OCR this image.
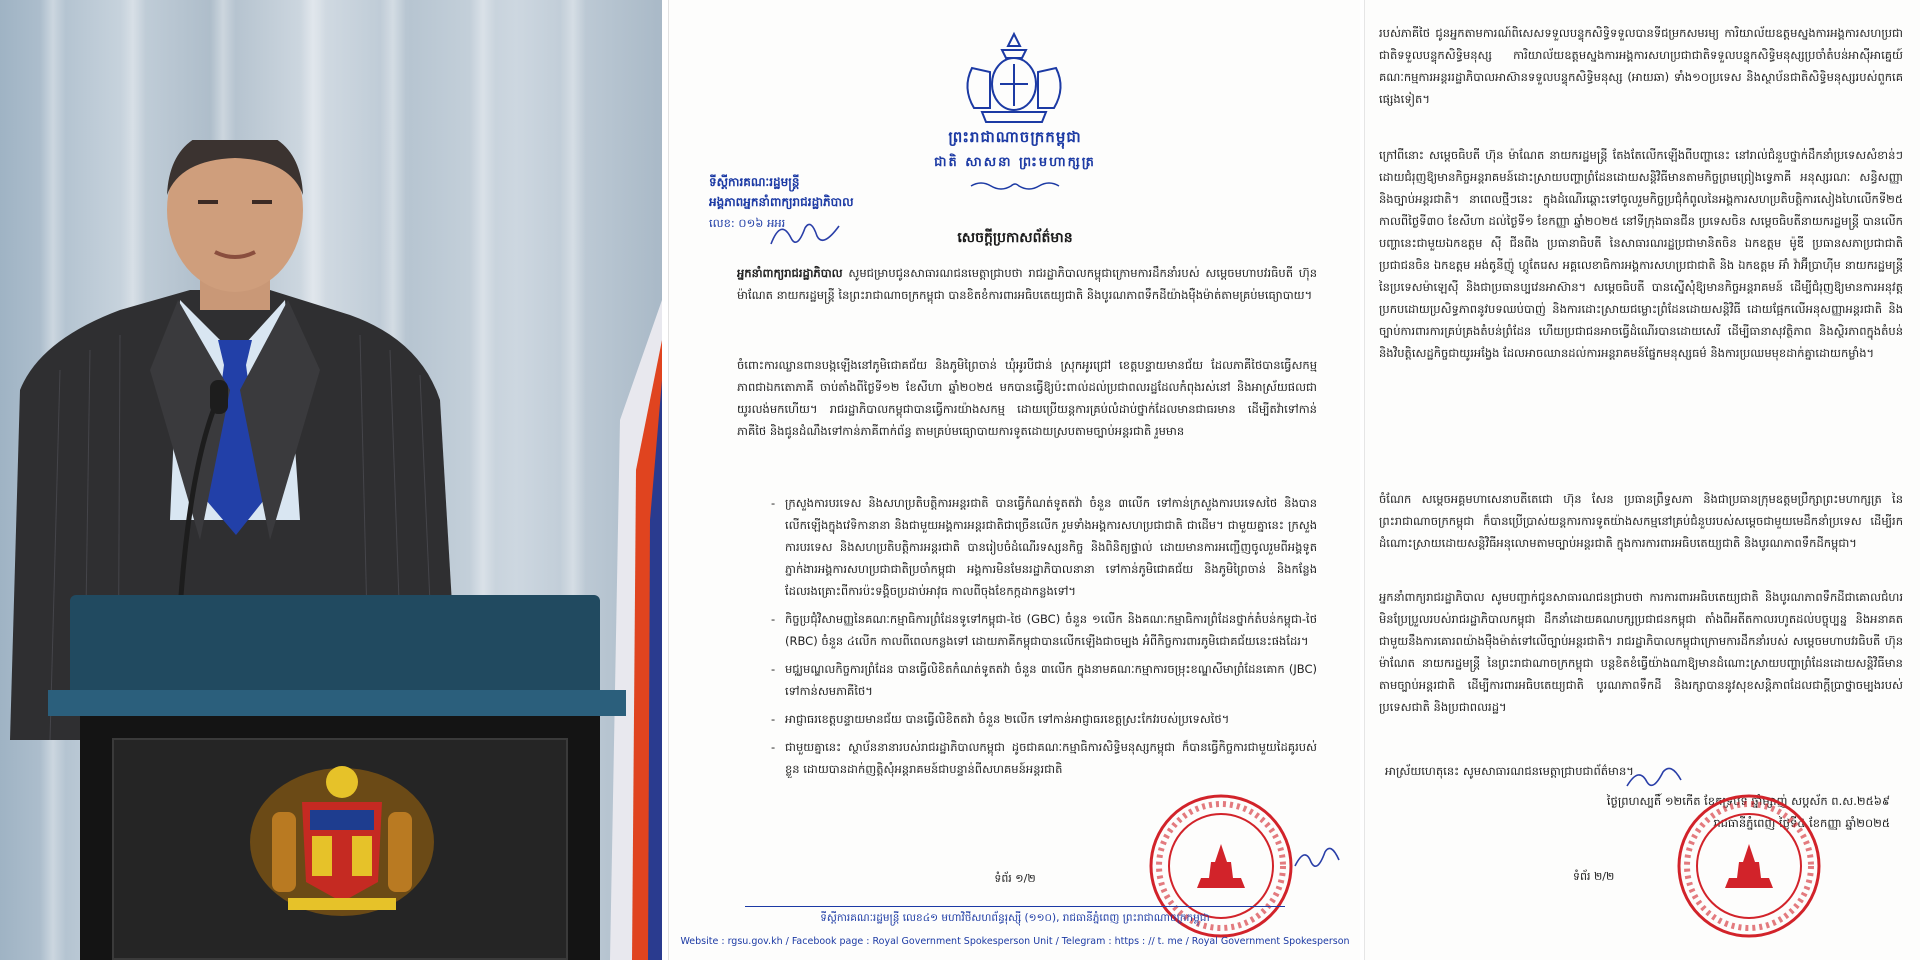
ព្រះរាជាណាចក្រកម្ពុជា
ជាតិ សាសនា ព្រះមហាក្សត្រ
ទីស្តីការគណៈរដ្ឋមន្ត្រី
អង្គភាពអ្នកនាំពាក្យរាជរដ្ឋាភិបាល
លេខ: ០១៦ អអរ
សេចក្តីប្រកាសព័ត៌មាន

អ្នកនាំពាក្យរាជរដ្ឋាភិបាល សូមជម្រាបជូនសាធារណជនមេត្តាជ្រាបថា រាជរដ្ឋាភិបាលកម្ពុជាក្រោមការដឹកនាំរបស់ សម្តេចមហាបវរធិបតី ហ៊ុន ម៉ាណែត នាយករដ្ឋមន្ត្រី នៃព្រះរាជាណាចក្រកម្ពុជា បានខិតខំការពារអធិបតេយ្យជាតិ និងបូរណភាពទឹកដីយ៉ាងម៉ឺងម៉ាត់តាមគ្រប់មធ្យោបាយ។

ចំពោះការឈ្លានពានបង្កឡើងនៅភូមិជោគជ័យ និងភូមិព្រៃចាន់ ឃុំអូរបីជាន់ ស្រុកអូរជ្រៅ ខេត្តបន្ទាយមានជ័យ ដែលភាគីថៃបានធ្វើសកម្មភាពជាឯកតោភាគី ចាប់តាំងពីថ្ងៃទី១២ ខែសីហា ឆ្នាំ២០២៥ មកបានធ្វើឱ្យប៉ះពាល់ដល់ប្រជាពលរដ្ឋដែលកំពុងរស់នៅ និងអាស្រ័យផលជាយូរលង់មកហើយ។ រាជរដ្ឋាភិបាលកម្ពុជាបានធ្វើការយ៉ាងសកម្ម ដោយប្រើយន្តការគ្រប់លំដាប់ថ្នាក់ដែលមានជាធរមាន ដើម្បីតវ៉ាទៅកាន់ភាគីថៃ និងជូនដំណឹងទៅកាន់ភាគីពាក់ព័ន្ធ តាមគ្រប់មធ្យោបាយការទូតដោយស្របតាមច្បាប់អន្តរជាតិ រួមមាន

- ក្រសួងការបរទេស និងសហប្រតិបត្តិការអន្តរជាតិ បានធ្វើកំណត់ទូតតវ៉ា ចំនួន ៣លើក ទៅកាន់ក្រសួងការបរទេសថៃ និងបានលើកឡើងក្នុងវេទិកានានា និងជាមួយអង្គការអន្តរជាតិជាច្រើនលើក រួមទាំងអង្គការសហប្រជាជាតិ ជាដើម។ ជាមួយគ្នានេះ ក្រសួងការបរទេស និងសហប្រតិបត្តិការអន្តរជាតិ បានរៀបចំដំណើរទស្សនកិច្ច និងពិនិត្យផ្ទាល់ ដោយមានការអញ្ជើញចូលរួមពីអង្គទូត ភ្នាក់ងារអង្គការសហប្រជាជាតិប្រចាំកម្ពុជា អង្គការមិនមែនរដ្ឋាភិបាលនានា ទៅកាន់ភូមិជោគជ័យ និងភូមិព្រៃចាន់ និងកន្លែងដែលរងគ្រោះពីការប៉ះទង្គិចប្រដាប់អាវុធ កាលពីចុងខែកក្កដាកន្លងទៅ។
- កិច្ចប្រជុំវិសាមញ្ញនៃគណៈកម្មាធិការព្រំដែនទូទៅកម្ពុជា-ថៃ (GBC) ចំនួន ១លើក និងគណៈកម្មាធិការព្រំដែនថ្នាក់តំបន់កម្ពុជា-ថៃ (RBC) ចំនួន ៤លើក កាលពីពេលកន្លងទៅ ដោយភាគីកម្ពុជាបានលើកឡើងជាចម្បង អំពីកិច្ចការពារភូមិជោគជ័យនេះផងដែរ។
- មជ្ឈមណ្ឌលកិច្ចការព្រំដែន បានធ្វើលិខិតកំណត់ទូតតវ៉ា ចំនួន ៣លើក ក្នុងនាមគណៈកម្មាការចម្រុះខណ្ឌសីមាព្រំដែនគោក (JBC) ទៅកាន់សមភាគីថៃ។
- អាជ្ញាធរខេត្តបន្ទាយមានជ័យ បានធ្វើលិខិតតវ៉ា ចំនួន ២លើក ទៅកាន់អាជ្ញាធរខេត្តស្រះកែវរបស់ប្រទេសថៃ។
- ជាមួយគ្នានេះ ស្ថាប័ននានារបស់រាជរដ្ឋាភិបាលកម្ពុជា ដូចជាគណៈកម្មាធិការសិទ្ធិមនុស្សកម្ពុជា ក៏បានធ្វើកិច្ចការជាមួយដៃគូរបស់ខ្លួន ដោយបានដាក់ញត្តិសុំអន្តរាគមន៍ជាបន្ទាន់ពីសហគមន៍អន្តរជាតិ
ទំព័រ ១/២
ទីស្តីការគណៈរដ្ឋមន្ត្រី លេខ៤១ មហាវិថីសហព័ន្ធរុស្ស៊ី (១១០), រាជធានីភ្នំពេញ ព្រះរាជាណាចក្រកម្ពុជា
Website : rgsu.gov.kh / Facebook page : Royal Government Spokesperson Unit / Telegram : https : // t. me / Royal Government Spokesperson

របស់ភាគីថៃ ជូនអ្នកតាមការណ៍ពិសេសទទួលបន្ទុកសិទ្ធិទទួលបានទីជម្រកសមរម្យ ការិយាល័យឧត្តមស្នងការអង្គការសហប្រជាជាតិទទួលបន្ទុកសិទ្ធិមនុស្ស ការិយាល័យឧត្តមស្នងការអង្គការសហប្រជាជាតិទទួលបន្ទុកសិទ្ធិមនុស្សប្រចាំតំបន់អាស៊ីអាគ្នេយ៍ គណៈកម្មការអន្តររដ្ឋាភិបាលអាស៊ានទទួលបន្ទុកសិទ្ធិមនុស្ស (អាយឆា) ទាំង១០ប្រទេស និងស្ថាប័នជាតិសិទ្ធិមនុស្សរបស់ពួកគេផ្សេងទៀត។

ក្រៅពីនោះ សម្តេចធិបតី ហ៊ុន ម៉ាណែត នាយករដ្ឋមន្ត្រី តែងតែលើកឡើងពីបញ្ហានេះ នៅរាល់ជំនួបថ្នាក់ដឹកនាំប្រទេសសំខាន់ៗ ដោយជំរុញឱ្យមានកិច្ចអន្តរាគមន៍ដោះស្រាយបញ្ហាព្រំដែនដោយសន្តិវិធីមានតាមកិច្ចព្រមព្រៀងទ្វេភាគី អនុស្សរណៈ សន្ធិសញ្ញា និងច្បាប់អន្តរជាតិ។ នាពេលថ្មីៗនេះ ក្នុងដំណើរឆ្ពោះទៅចូលរួមកិច្ចប្រជុំកំពូលនៃអង្គការសហប្រតិបត្តិការសៀងហៃលើកទី២៥ កាលពីថ្ងៃទី៣០ ខែសីហា ដល់ថ្ងៃទី១ ខែកញ្ញា ឆ្នាំ២០២៥ នៅទីក្រុងធានជីន ប្រទេសចិន សម្តេចធិបតីនាយករដ្ឋមន្ត្រី បានលើកបញ្ហានេះជាមួយឯកឧត្តម ស៊ី ជីនពីង ប្រធានាធិបតី នៃសាធារណរដ្ឋប្រជាមានិតចិន ឯកឧត្តម ម៉ូឌី ប្រធានសភាប្រជាជាតិប្រជាជនចិន ឯកឧត្តម អង់តូនីញ៉ូ ហ្គូតែរេស អគ្គលេខាធិការអង្គការសហប្រជាជាតិ និង ឯកឧត្តម អ៊ាំ វ៉ាអ៊ីប្រាហ៊ីម នាយករដ្ឋមន្ត្រី នៃប្រទេសម៉ាឡេស៊ី និងជាប្រធានប្បវេនអាស៊ាន។ សម្តេចធិបតី បានស្នើសុំឱ្យមានកិច្ចអន្តរាគមន៍ ដើម្បីជំរុញឱ្យមានការអនុវត្តប្រកបដោយប្រសិទ្ធភាពនូវបទឈប់បាញ់ និងការដោះស្រាយជម្លោះព្រំដែនដោយសន្តិវិធី ដោយផ្អែកលើអនុសញ្ញាអន្តរជាតិ និងច្បាប់ការពារការគ្រប់គ្រងតំបន់ព្រំដែន ហើយប្រជាជនអាចធ្វើដំណើរបានដោយសេរី ដើម្បីធានាសុវត្ថិភាព និងស្ថិរភាពក្នុងតំបន់ និងវិបត្តិសេដ្ឋកិច្ចជាយូរអង្វែង ដែលអាចឈានដល់ការអន្តរាគមន៍ផ្នែកមនុស្សធម៌ និងការប្រឈមមុខដាក់គ្នាដោយកម្លាំង។

ចំណែក សម្តេចអគ្គមហាសេនាបតីតេជោ ហ៊ុន សែន ប្រធានព្រឹទ្ធសភា និងជាប្រធានក្រុមឧត្តមប្រឹក្សាព្រះមហាក្សត្រ នៃព្រះរាជាណាចក្រកម្ពុជា ក៏បានប្រើប្រាស់យន្តការការទូតយ៉ាងសកម្មនៅគ្រប់ជំនួបរបស់សម្តេចជាមួយមេដឹកនាំប្រទេស ដើម្បីរកដំណោះស្រាយដោយសន្តិវិធីអនុលោមតាមច្បាប់អន្តរជាតិ ក្នុងការការពារអធិបតេយ្យជាតិ និងបូរណភាពទឹកដីកម្ពុជា។

អ្នកនាំពាក្យរាជរដ្ឋាភិបាល សូមបញ្ជាក់ជូនសាធារណជនជ្រាបថា ការការពារអធិបតេយ្យជាតិ និងបូរណភាពទឹកដីជាគោលជំហរមិនប្រែប្រួលរបស់រាជរដ្ឋាភិបាលកម្ពុជា ដឹកនាំដោយគណបក្សប្រជាជនកម្ពុជា តាំងពីអតីតកាលរហូតដល់បច្ចុប្បន្ន និងអនាគតជាមួយនឹងការគោរពយ៉ាងម៉ឺងម៉ាត់ទៅលើច្បាប់អន្តរជាតិ។ រាជរដ្ឋាភិបាលកម្ពុជាក្រោមការដឹកនាំរបស់ សម្តេចមហាបវរធិបតី ហ៊ុន ម៉ាណែត នាយករដ្ឋមន្ត្រី នៃព្រះរាជាណាចក្រកម្ពុជា បន្តខិតខំធ្វើយ៉ាងណាឱ្យមានដំណោះស្រាយបញ្ហាព្រំដែនដោយសន្តិវិធីមានតាមច្បាប់អន្តរជាតិ ដើម្បីការពារអធិបតេយ្យជាតិ បូរណភាពទឹកដី និងរក្សាបាននូវសុខសន្តិភាពដែលជាក្តីប្រាថ្នាចម្បងរបស់ប្រទេសជាតិ និងប្រជាពលរដ្ឋ។

អាស្រ័យហេតុនេះ សូមសាធារណជនមេត្តាជ្រាបជាព័ត៌មាន។

ថ្ងៃព្រហស្បតិ៍ ១២កើត ខែភទ្របទ ឆ្នាំម្សាញ់ សប្តស័ក ព.ស.២៥៦៩
រាជធានីភ្នំពេញ ថ្ងៃទី៤ ខែកញ្ញា ឆ្នាំ២០២៥
ទំព័រ ២/២
